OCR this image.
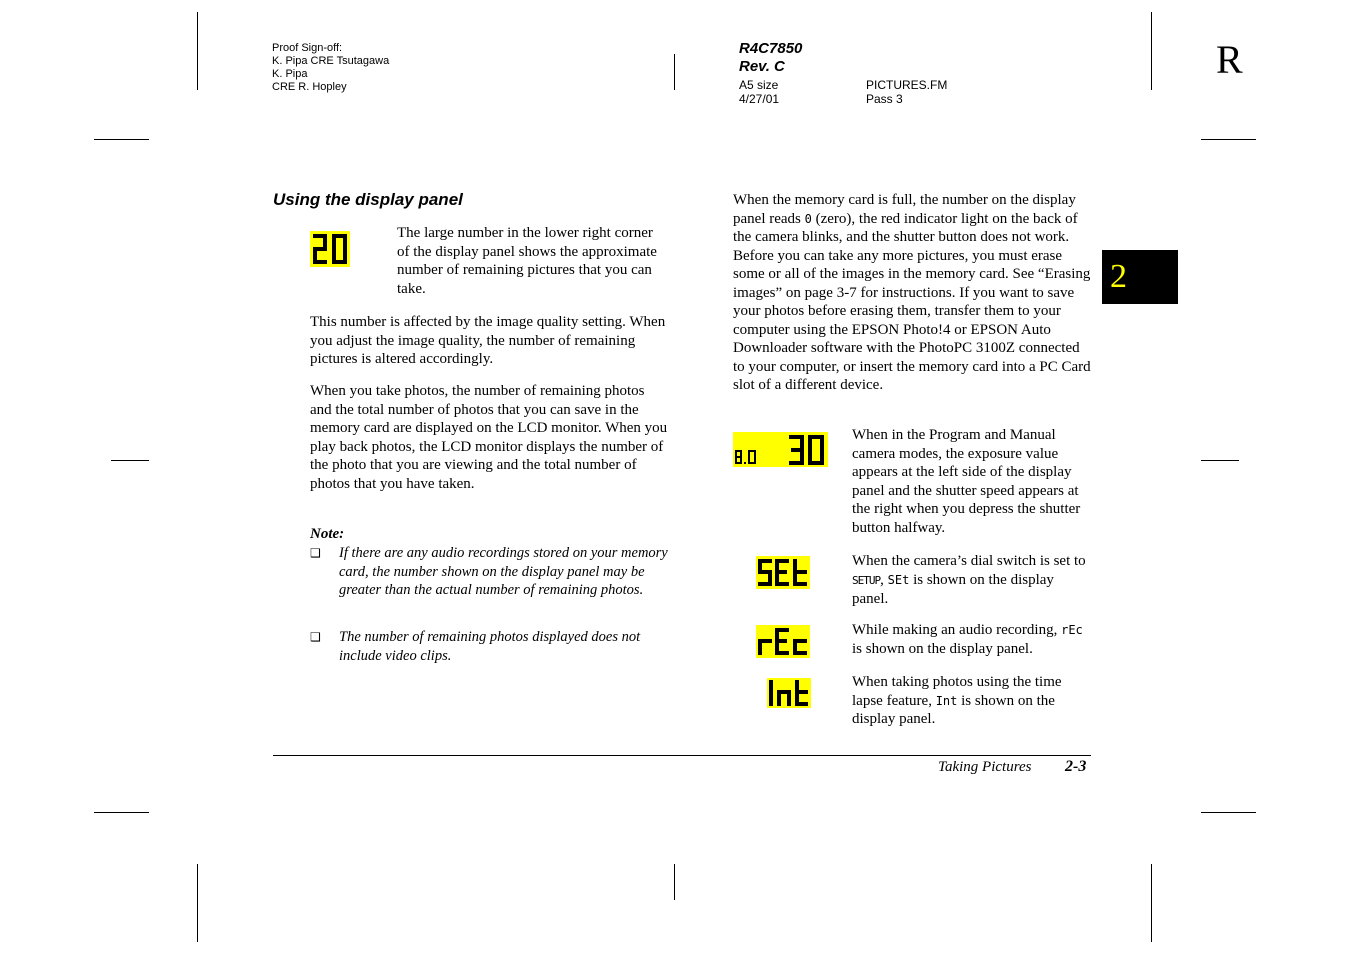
Proof Sign-off:
K. Pipa CRE Tsutagawa
K. Pipa
CRE R. Hopley
R4C7850
Rev. C
A5 size
4/27/01
PICTURES.FM
Pass 3
R
2
Using the display panel
The large number in the lower right corner of the display panel shows the approximate number of remaining pictures that you can take.
This number is affected by the image quality setting. When you adjust the image quality, the number of remaining pictures is altered accordingly.
When you take photos, the number of remaining photos and the total number of photos that you can save in the memory card are displayed on the LCD monitor. When you play back photos, the LCD monitor displays the number of the photo that you are viewing and the total number of photos that you have taken.
Note:
❑ If there are any audio recordings stored on your memory card, the number shown on the display panel may be greater than the actual number of remaining photos.
❑ The number of remaining photos displayed does not include video clips.
When the memory card is full, the number on the display panel reads 0 (zero), the red indicator light on the back of the camera blinks, and the shutter button does not work. Before you can take any more pictures, you must erase some or all of the images in the memory card. See “Erasing images” on page 3-7 for instructions. If you want to save your photos before erasing them, transfer them to your computer using the EPSON Photo!4 or EPSON Auto Downloader software with the PhotoPC 3100Z connected to your computer, or insert the memory card into a PC Card slot of a different device.
When in the Program and Manual camera modes, the exposure value appears at the left side of the display panel and the shutter speed appears at the right when you depress the shutter button halfway.
When the camera’s dial switch is set to SETUP, SEt is shown on the display panel.
While making an audio recording, rEc is shown on the display panel.
When taking photos using the time lapse feature, Int is shown on the display panel.
Taking Pictures 2-3
